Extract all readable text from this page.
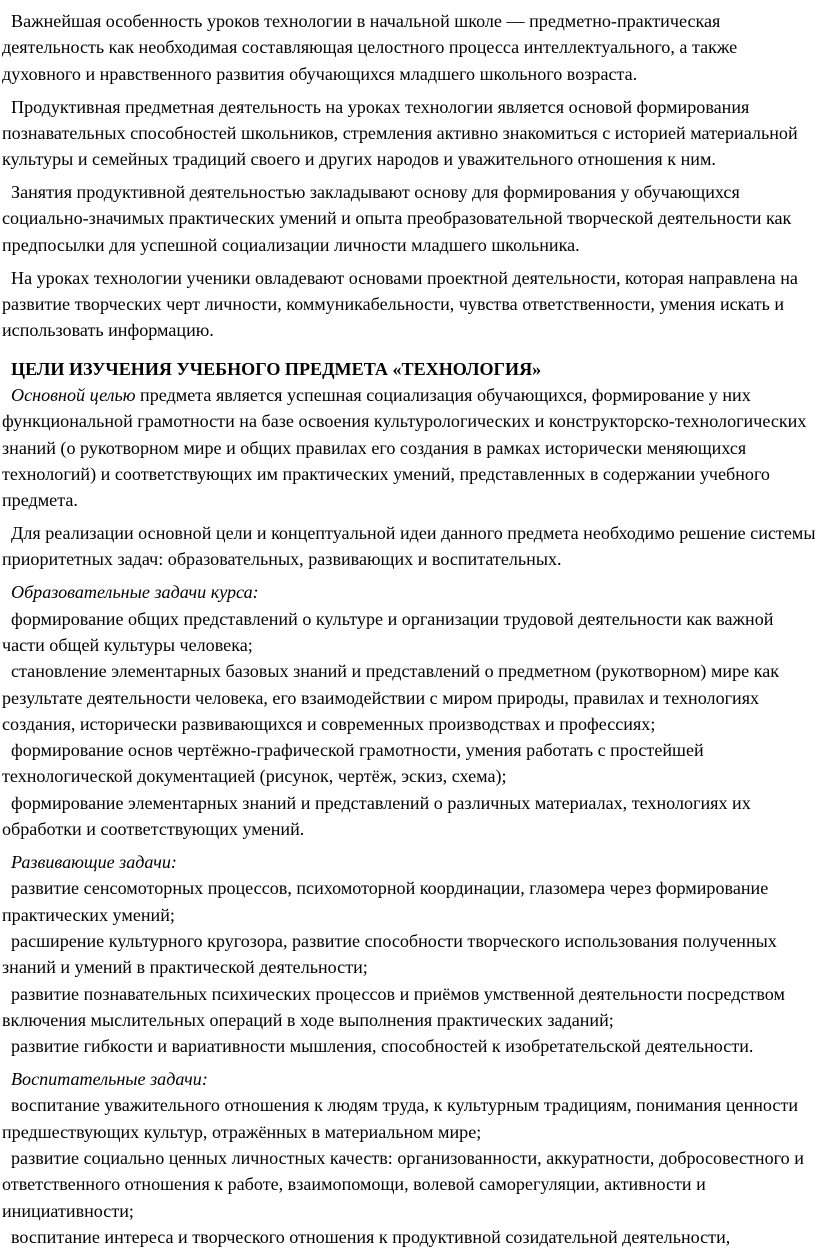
Важнейшая особенность уроков технологии в начальной школе — предметно-практическая деятельность как необходимая составляющая целостного процесса интеллектуального, а также духовного и нравственного развития обучающихся младшего школьного возраста.

Продуктивная предметная деятельность на уроках технологии является основой формирования познавательных способностей школьников, стремления активно знакомиться с историей материальной культуры и семейных традиций своего и других народов и уважительного отношения к ним.

Занятия продуктивной деятельностью закладывают основу для формирования у обучающихся социально-значимых практических умений и опыта преобразовательной творческой деятельности как предпосылки для успешной социализации личности младшего школьника.

На уроках технологии ученики овладевают основами проектной деятельности, которая направлена на развитие творческих черт личности, коммуникабельности, чувства ответственности, умения искать и использовать информацию.

ЦЕЛИ ИЗУЧЕНИЯ УЧЕБНОГО ПРЕДМЕТА «ТЕХНОЛОГИЯ»

Основной целью предмета является успешная социализация обучающихся, формирование у них функциональной грамотности на базе освоения культурологических и конструкторско-технологических знаний (о рукотворном мире и общих правилах его создания в рамках исторически меняющихся технологий) и соответствующих им практических умений, представленных в содержании учебного предмета.

Для реализации основной цели и концептуальной идеи данного предмета необходимо решение системы приоритетных задач: образовательных, развивающих и воспитательных.

Образовательные задачи курса:

формирование общих представлений о культуре и организации трудовой деятельности как важной части общей культуры человека;

становление элементарных базовых знаний и представлений о предметном (рукотворном) мире как результате деятельности человека, его взаимодействии с миром природы, правилах и технологиях создания, исторически развивающихся и современных производствах и профессиях;

формирование основ чертёжно-графической грамотности, умения работать с простейшей технологической документацией (рисунок, чертёж, эскиз, схема);

формирование элементарных знаний и представлений о различных материалах, технологиях их обработки и соответствующих умений.

Развивающие задачи:

развитие сенсомоторных процессов, психомоторной координации, глазомера через формирование практических умений;

расширение культурного кругозора, развитие способности творческого использования полученных знаний и умений в практической деятельности;

развитие познавательных психических процессов и приёмов умственной деятельности посредством включения мыслительных операций в ходе выполнения практических заданий;

развитие гибкости и вариативности мышления, способностей к изобретательской деятельности.

Воспитательные задачи:

воспитание уважительного отношения к людям труда, к культурным традициям, понимания ценности предшествующих культур, отражённых в материальном мире;

развитие социально ценных личностных качеств: организованности, аккуратности, добросовестного и ответственного отношения к работе, взаимопомощи, волевой саморегуляции, активности и инициативности;

воспитание интереса и творческого отношения к продуктивной созидательной деятельности,
